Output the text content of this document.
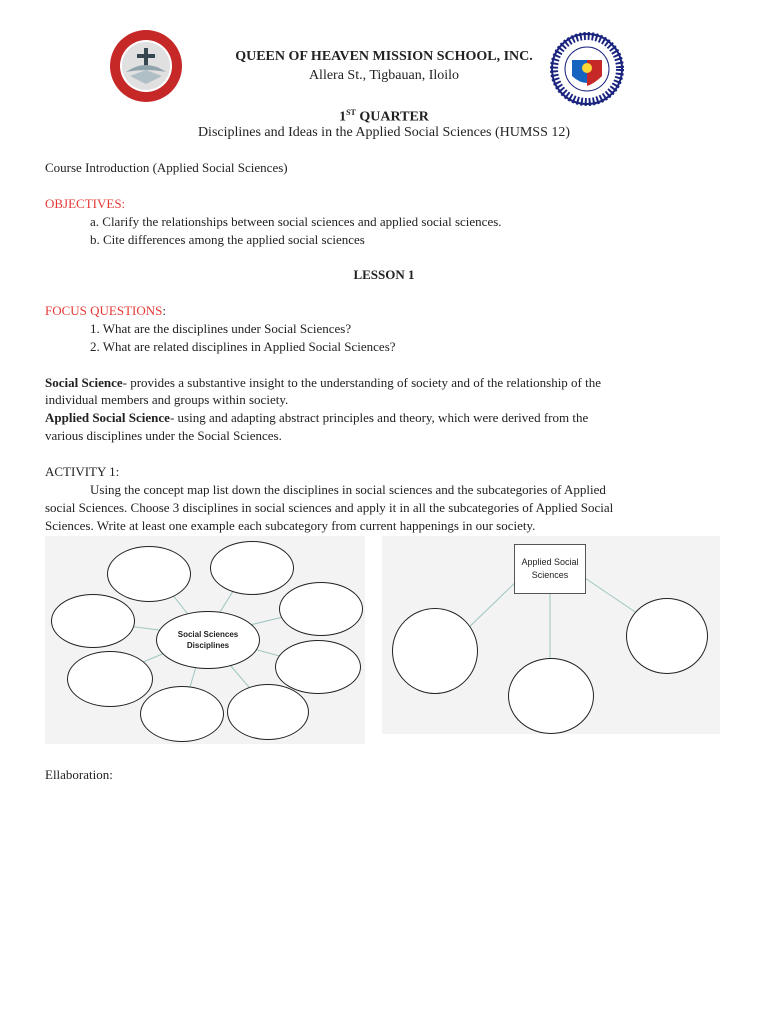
QUEEN OF HEAVEN MISSION SCHOOL, INC.
Allera St., Tigbauan, Iloilo
1ST QUARTER
Disciplines and Ideas in the Applied Social Sciences (HUMSS 12)
Course Introduction (Applied Social Sciences)
OBJECTIVES:
a. Clarify the relationships between social sciences and applied social sciences.
b. Cite differences among the applied social sciences
LESSON 1
FOCUS QUESTIONS:
1. What are the disciplines under Social Sciences?
2. What are related disciplines in Applied Social Sciences?
Social Science- provides a substantive insight to the understanding of society and of the relationship of the
individual members and groups within society.
Applied Social Science- using and adapting abstract principles and theory, which were derived from the
various disciplines under the Social Sciences.
ACTIVITY 1:
Using the concept map list down the disciplines in social sciences and the subcategories of Applied
social Sciences. Choose 3 disciplines in social sciences and apply it in all the subcategories of Applied Social
Sciences. Write at least one example each subcategory from current happenings in our society.
Social Sciences
Disciplines
Applied Social
Sciences
Ellaboration:
